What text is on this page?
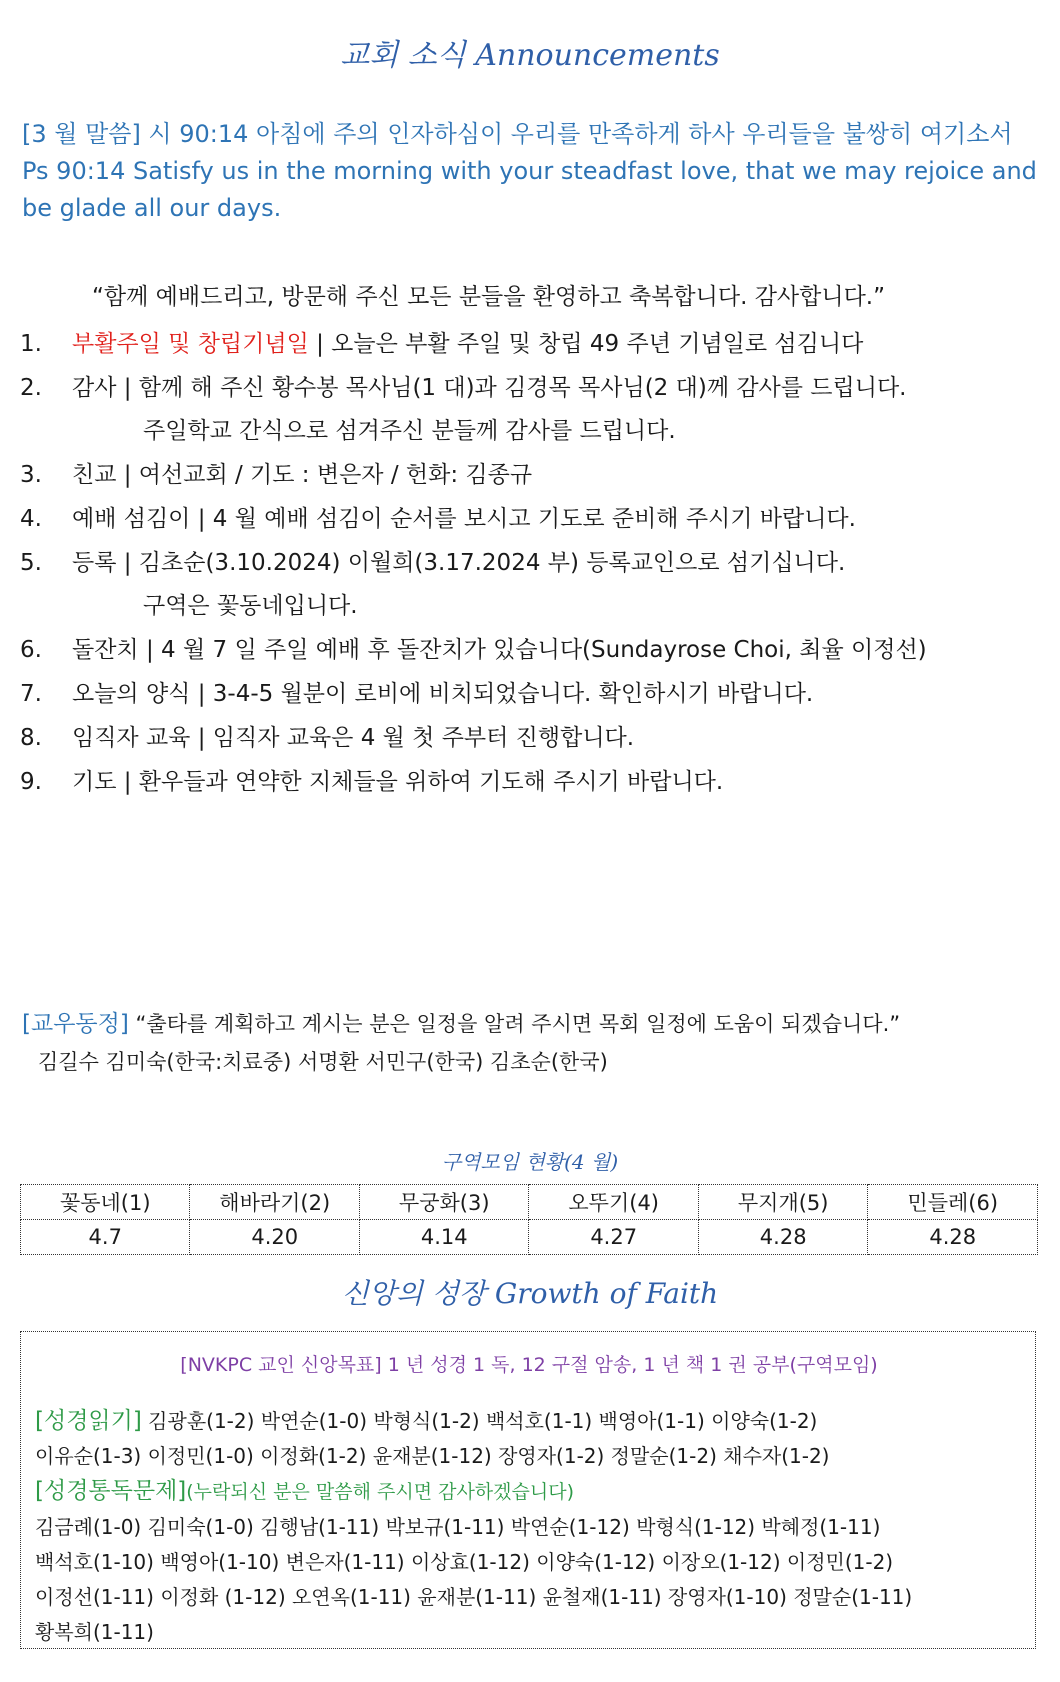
교회 소식 Announcements
[3 월 말씀] 시 90:14 아침에 주의 인자하심이 우리를 만족하게 하사 우리들을 불쌍히 여기소서
Ps 90:14 Satisfy us in the morning with your steadfast love, that we may rejoice and
be glade all our days.
“함께 예배드리고, 방문해 주신 모든 분들을 환영하고 축복합니다. 감사합니다.”
1. 부활주일 및 창립기념일 | 오늘은 부활 주일 및 창립 49 주년 기념일로 섬김니다
2. 감사 | 함께 해 주신 황수봉 목사님(1 대)과 김경목 목사님(2 대)께 감사를 드립니다.
주일학교 간식으로 섬겨주신 분들께 감사를 드립니다.
3. 친교 | 여선교회 / 기도 : 변은자 / 헌화: 김종규
4. 예배 섬김이 | 4 월 예배 섬김이 순서를 보시고 기도로 준비해 주시기 바랍니다.
5. 등록 | 김초순(3.10.2024) 이월희(3.17.2024 부) 등록교인으로 섬기십니다.
구역은 꽃동네입니다.
6. 돌잔치 | 4 월 7 일 주일 예배 후 돌잔치가 있습니다(Sundayrose Choi, 최율 이정선)
7. 오늘의 양식 | 3-4-5 월분이 로비에 비치되었습니다. 확인하시기 바랍니다.
8. 임직자 교육 | 임직자 교육은 4 월 첫 주부터 진행합니다.
9. 기도 | 환우들과 연약한 지체들을 위하여 기도해 주시기 바랍니다.
[교우동정] “출타를 계획하고 계시는 분은 일정을 알려 주시면 목회 일정에 도움이 되겠습니다.”
김길수 김미숙(한국:치료중) 서명환 서민구(한국) 김초순(한국)
구역모임 현황(4 월)
꽃동네(1)	해바라기(2)	무궁화(3)	오뚜기(4)	무지개(5)	민들레(6)
4.7	4.20	4.14	4.27	4.28	4.28
신앙의 성장 Growth of Faith
[NVKPC 교인 신앙목표] 1 년 성경 1 독, 12 구절 암송, 1 년 책 1 권 공부(구역모임)
[성경읽기] 김광훈(1-2) 박연순(1-0) 박형식(1-2) 백석호(1-1) 백영아(1-1) 이양숙(1-2)
이유순(1-3) 이정민(1-0) 이정화(1-2) 윤재분(1-12) 장영자(1-2) 정말순(1-2) 채수자(1-2)
[성경통독문제](누락되신 분은 말씀해 주시면 감사하겠습니다)
김금례(1-0) 김미숙(1-0) 김행남(1-11) 박보규(1-11) 박연순(1-12) 박형식(1-12) 박혜정(1-11)
백석호(1-10) 백영아(1-10) 변은자(1-11) 이상효(1-12) 이양숙(1-12) 이장오(1-12) 이정민(1-2)
이정선(1-11) 이정화 (1-12) 오연옥(1-11) 윤재분(1-11) 윤철재(1-11) 장영자(1-10) 정말순(1-11)
황복희(1-11)
